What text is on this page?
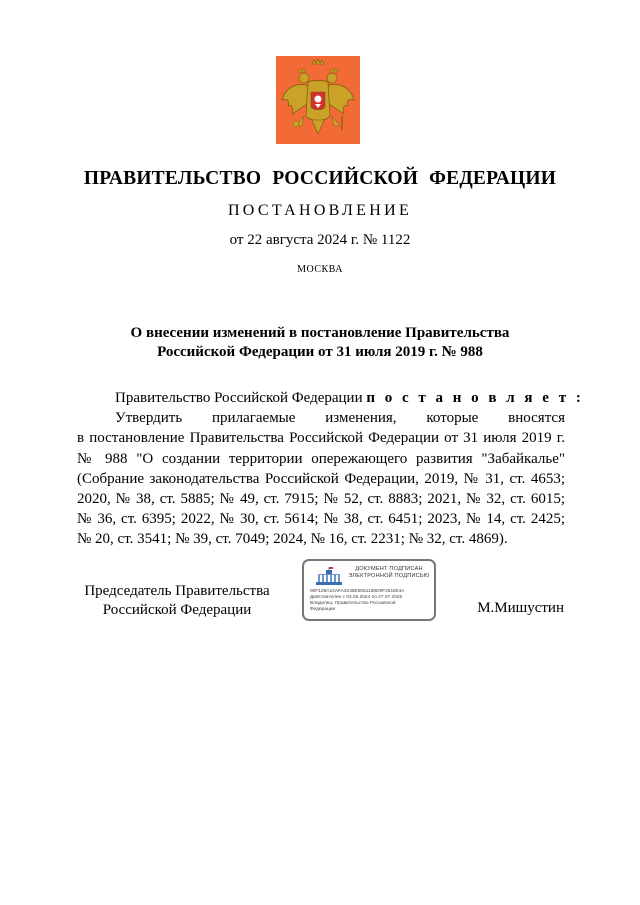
ПРАВИТЕЛЬСТВО РОССИЙСКОЙ ФЕДЕРАЦИИ
ПОСТАНОВЛЕНИЕ
от 22 августа 2024 г. № 1122
МОСКВА
О внесении изменений в постановление Правительства
Российской Федерации от 31 июля 2019 г. № 988

Правительство Российской Федерации п о с т а н о в л я е т :

Утвердить прилагаемые изменения, которые вносятся
в постановление Правительства Российской Федерации от 31 июля 2019 г.
№ 988 "О создании территории опережающего развития "Забайкалье"
(Собрание законодательства Российской Федерации, 2019, № 31, ст. 4653;
2020, № 38, ст. 5885; № 49, ст. 7915; № 52, ст. 8883; 2021, № 32, ст. 6015;
№ 36, ст. 6395; 2022, № 30, ст. 5614; № 38, ст. 6451; 2023, № 14, ст. 2425;
№ 20, ст. 3541; № 39, ст. 7049; 2024, № 16, ст. 2231; № 32, ст. 4869).

Председатель Правительства
Российской Федерации
ДОКУМЕНТ ПОДПИСАН
ЭЛЕКТРОННОЙ ПОДПИСЬЮ
00F128A24AFA4248E5051186D9F261604A
Действителен с 03.05.2024 по 27.07.2025
Владелец: Правительство Российской
Федерации	М.Мишустин
